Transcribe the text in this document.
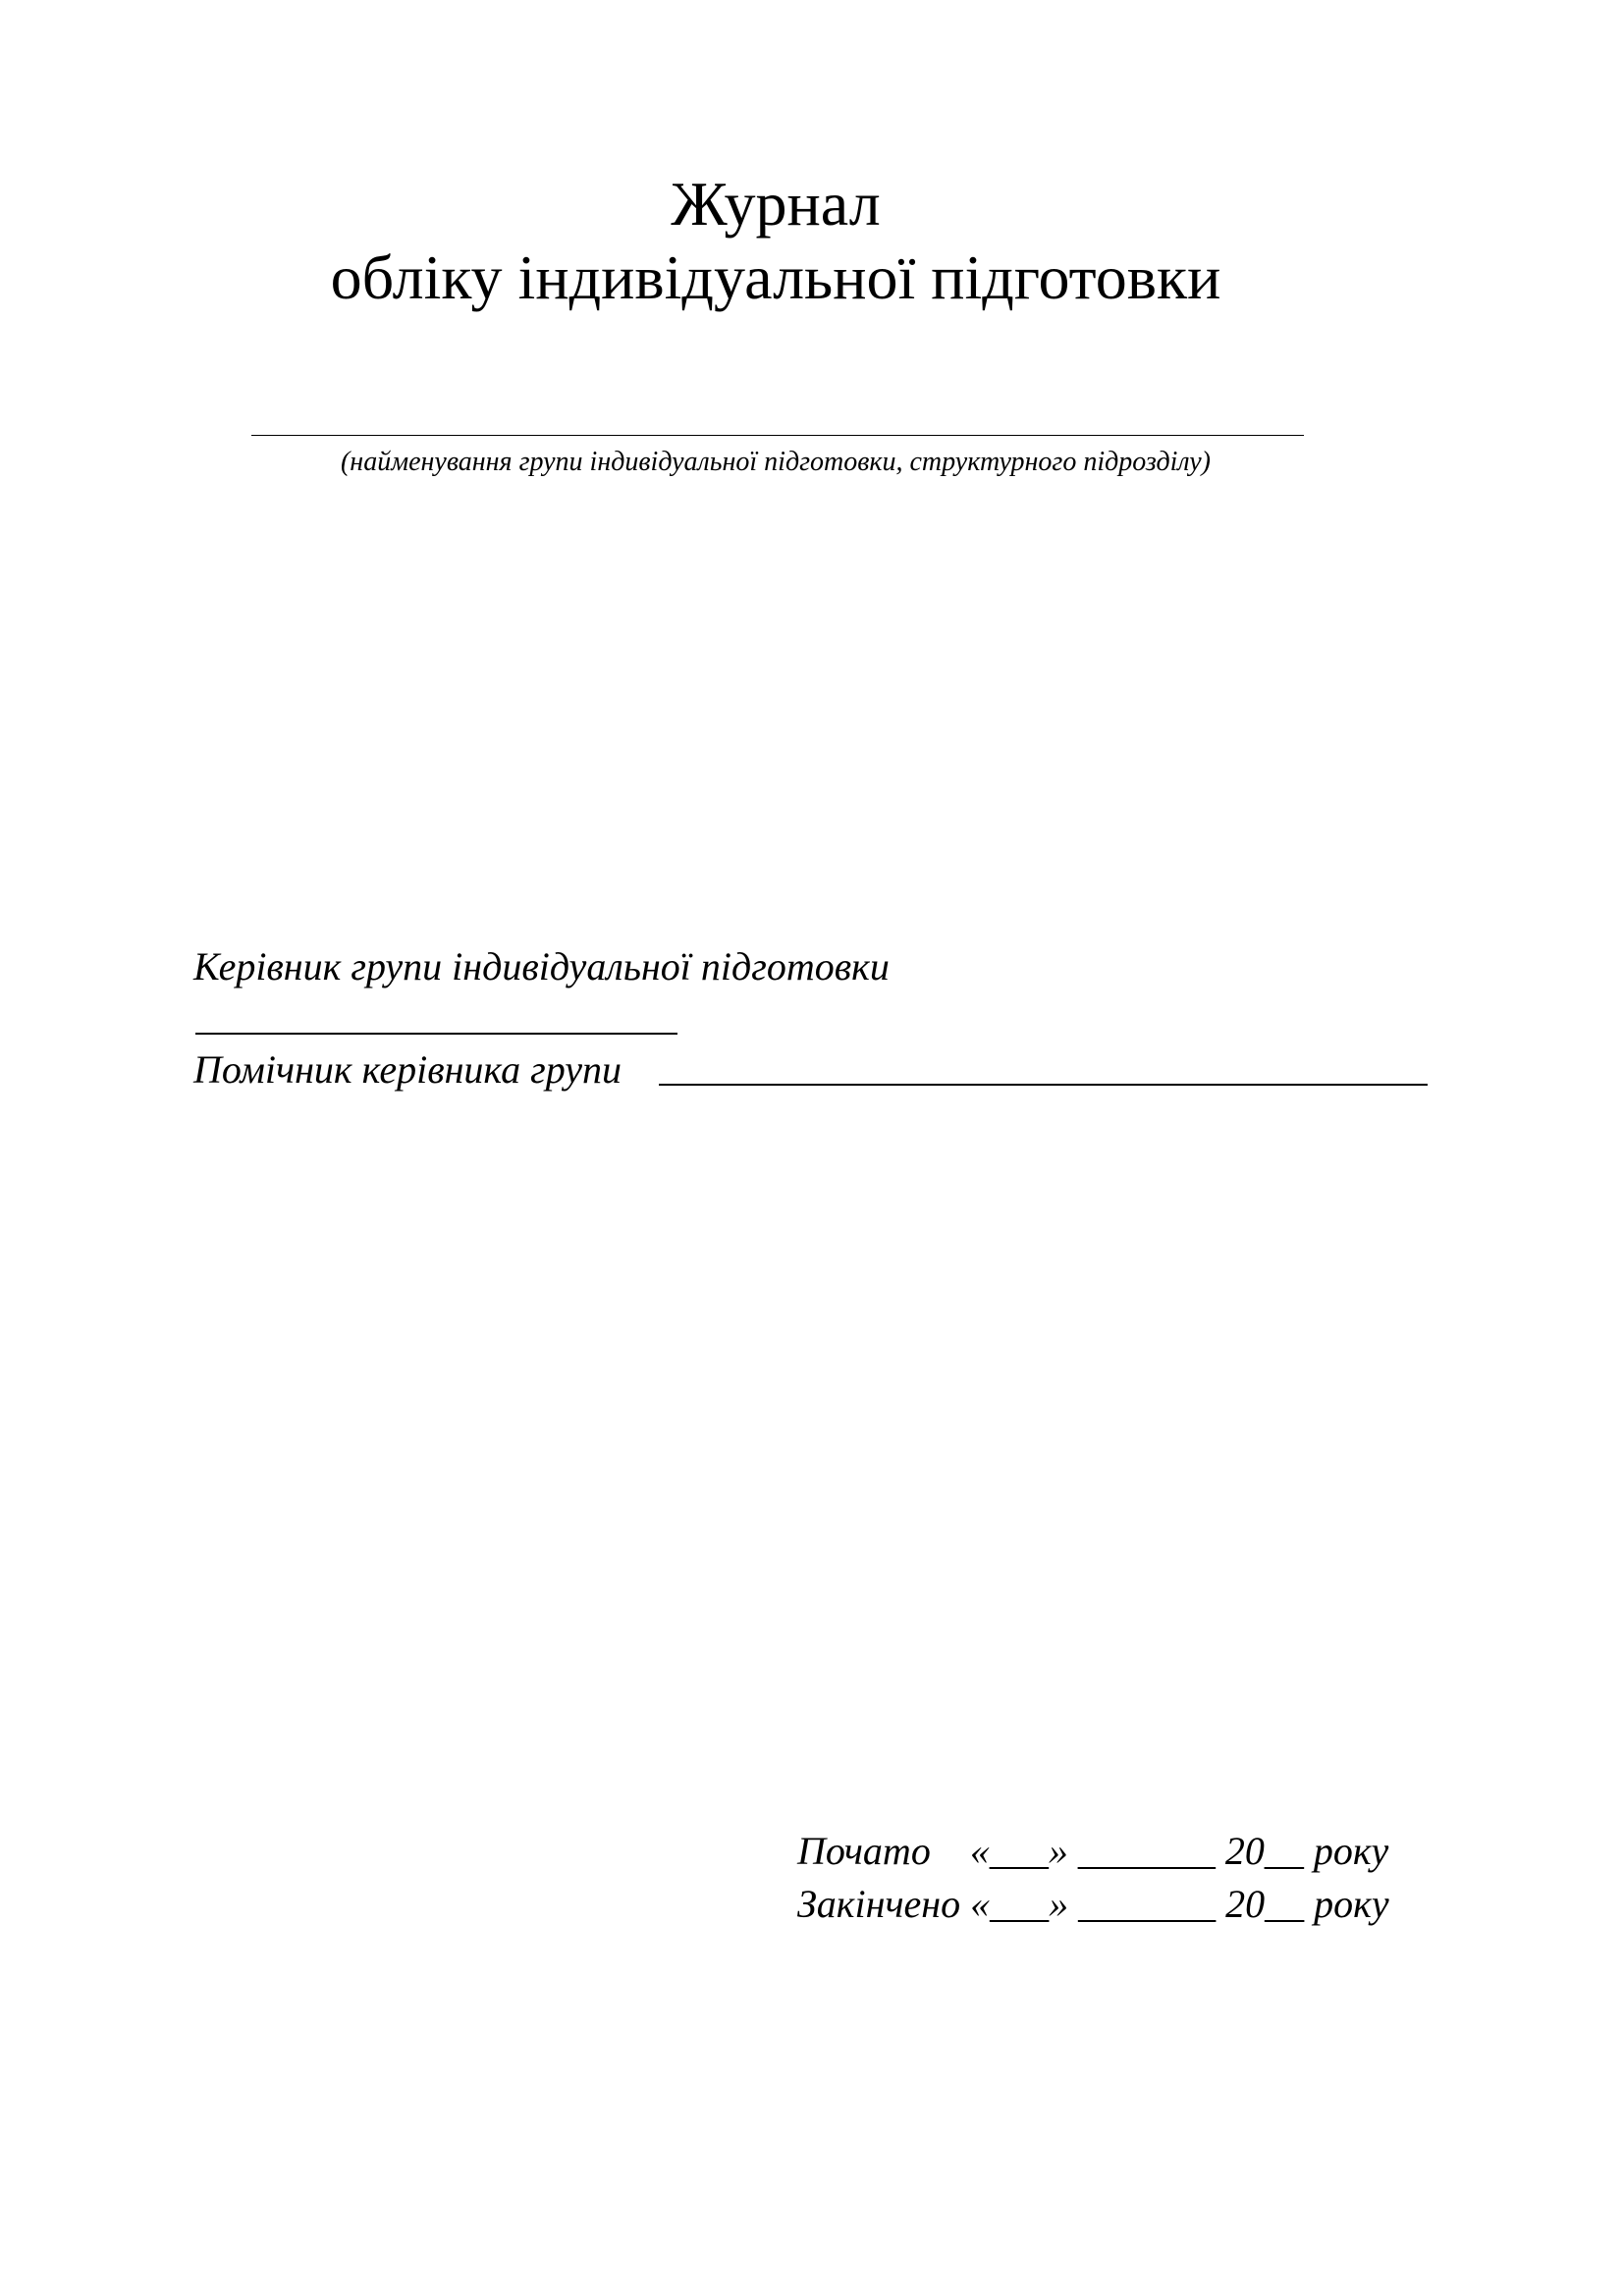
Журнал
обліку індивідуальної підготовки
(найменування групи індивідуальної підготовки, структурного підрозділу)
Керівник групи індивідуальної підготовки
Помічник керівника групи
Почато    «___» _______ 20__ року
Закінчено «___» _______ 20__ року
